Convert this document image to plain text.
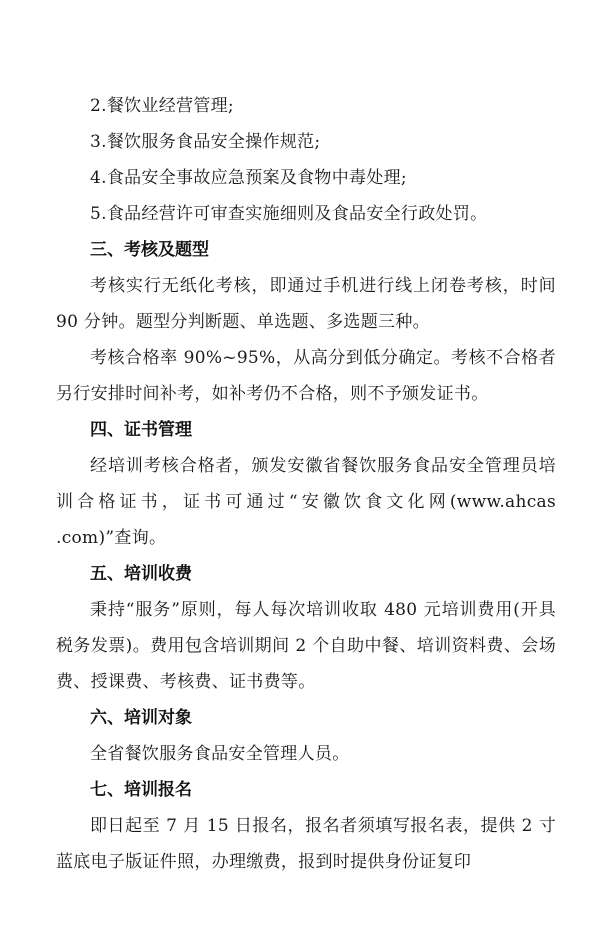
2.餐饮业经营管理;

3.餐饮服务食品安全操作规范;

4.食品安全事故应急预案及食物中毒处理;

5.食品经营许可审查实施细则及食品安全行政处罚。

三、考核及题型

考核实行无纸化考核，即通过手机进行线上闭卷考核，时间 90 分钟。题型分判断题、单选题、多选题三种。

考核合格率 90%~95%，从高分到低分确定。考核不合格者另行安排时间补考，如补考仍不合格，则不予颁发证书。

四、证书管理

经培训考核合格者，颁发安徽省餐饮服务食品安全管理员培训合格证书，证书可通过“安徽饮食文化网(www.ahcas .com)”查询。

五、培训收费

秉持“服务”原则，每人每次培训收取 480 元培训费用(开具税务发票)。费用包含培训期间 2 个自助中餐、培训资料费、会场费、授课费、考核费、证书费等。

六、培训对象

全省餐饮服务食品安全管理人员。

七、培训报名

即日起至 7 月 15 日报名，报名者须填写报名表，提供 2 寸蓝底电子版证件照，办理缴费，报到时提供身份证复印
